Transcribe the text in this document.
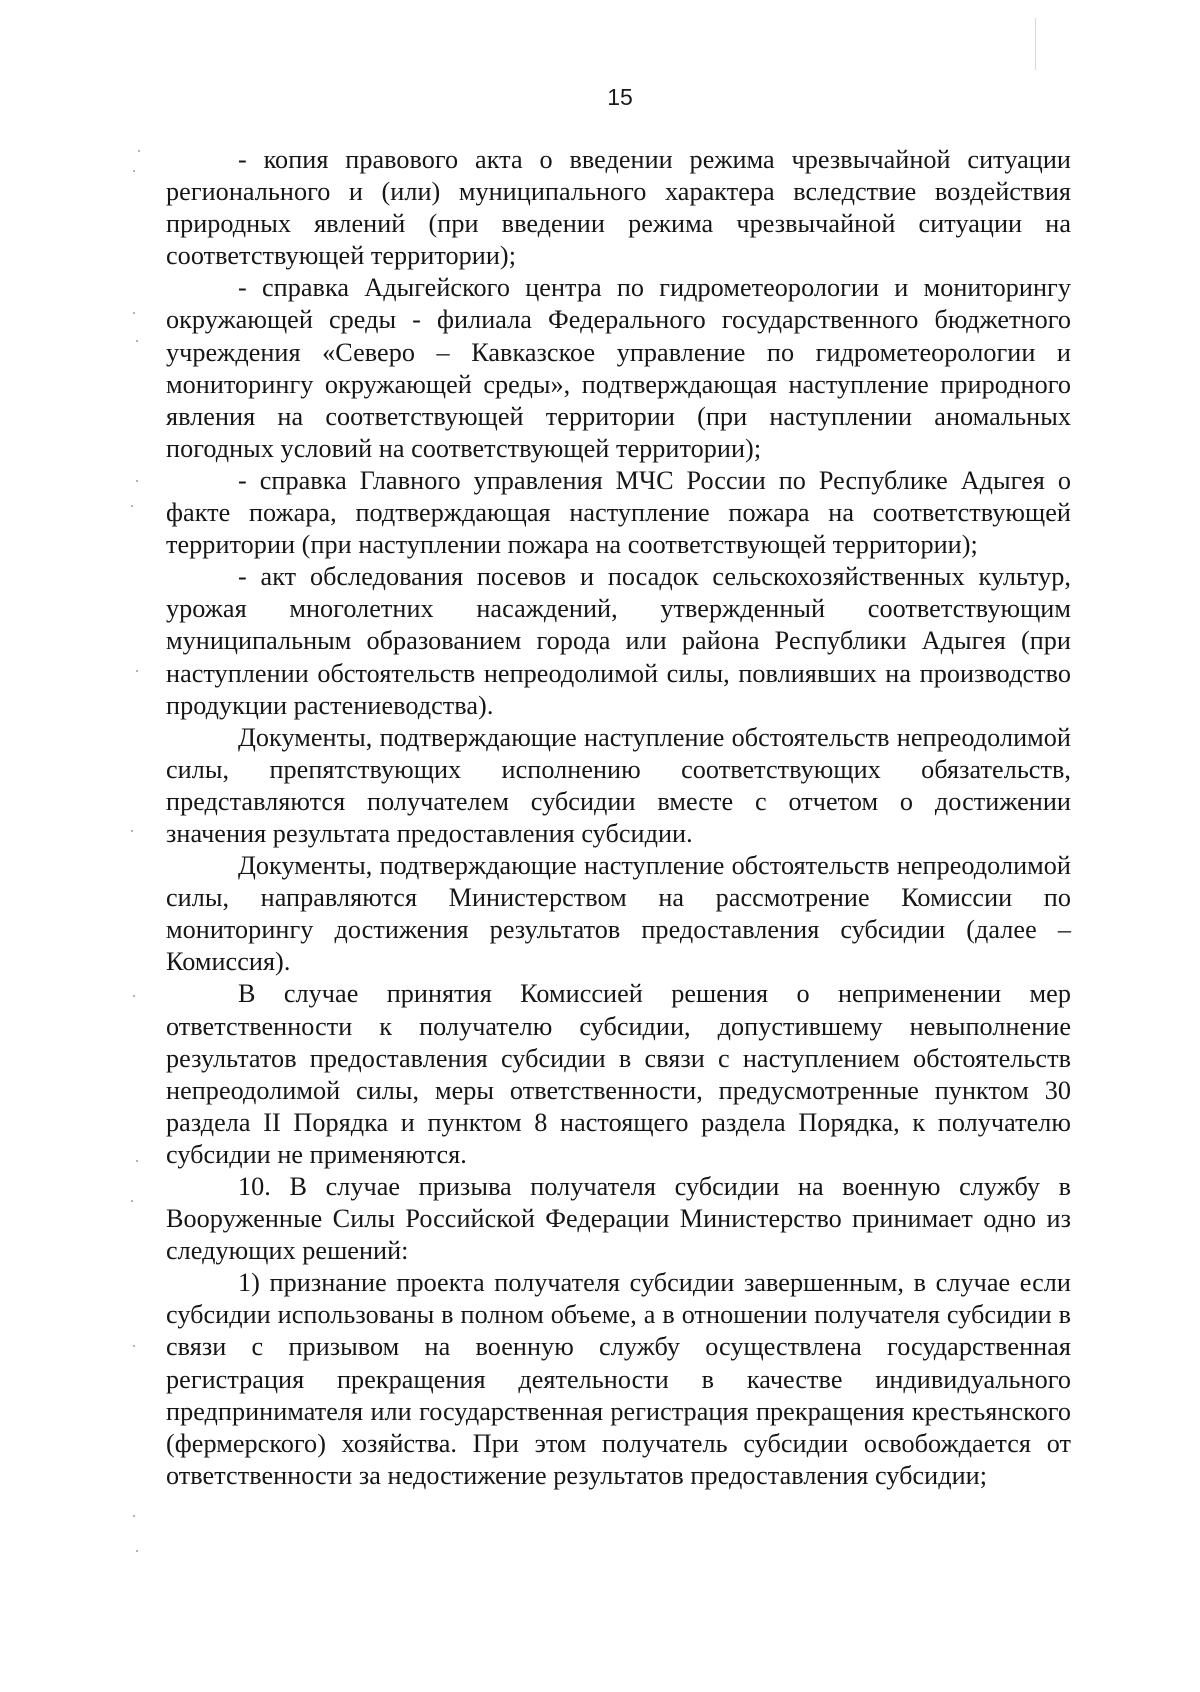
15

- копия правового акта о введении режима чрезвычайной ситуации регионального и (или) муниципального характера вследствие воздействия природных явлений (при введении режима чрезвычайной ситуации на соответствующей территории);

- справка Адыгейского центра по гидрометеорологии и мониторингу окружающей среды - филиала Федерального государственного бюджетного учреждения «Северо – Кавказское управление по гидрометеорологии и мониторингу окружающей среды», подтверждающая наступление природного явления на соответствующей территории (при наступлении аномальных погодных условий на соответствующей территории);

- справка Главного управления МЧС России по Республике Адыгея о факте пожара, подтверждающая наступление пожара на соответствующей территории (при наступлении пожара на соответствующей территории);

- акт обследования посевов и посадок сельскохозяйственных культур, урожая многолетних насаждений, утвержденный соответствующим муниципальным образованием города или района Республики Адыгея (при наступлении обстоятельств непреодолимой силы, повлиявших на производство продукции растениеводства).

Документы, подтверждающие наступление обстоятельств непреодолимой силы, препятствующих исполнению соответствующих обязательств, представляются получателем субсидии вместе с отчетом о достижении значения результата предоставления субсидии.

Документы, подтверждающие наступление обстоятельств непреодолимой силы, направляются Министерством на рассмотрение Комиссии по мониторингу достижения результатов предоставления субсидии (далее – Комиссия).

В случае принятия Комиссией решения о неприменении мер ответственности к получателю субсидии, допустившему невыполнение результатов предоставления субсидии в связи с наступлением обстоятельств непреодолимой силы, меры ответственности, предусмотренные пунктом 30 раздела II Порядка и пунктом 8 настоящего раздела Порядка, к получателю субсидии не применяются.

10. В случае призыва получателя субсидии на военную службу в Вооруженные Силы Российской Федерации Министерство принимает одно из следующих решений:

1) признание проекта получателя субсидии завершенным, в случае если субсидии использованы в полном объеме, а в отношении получателя субсидии в связи с призывом на военную службу осуществлена государственная регистрация прекращения деятельности в качестве индивидуального предпринимателя или государственная регистрация прекращения крестьянского (фермерского) хозяйства. При этом получатель субсидии освобождается от ответственности за недостижение результатов предоставления субсидии;
